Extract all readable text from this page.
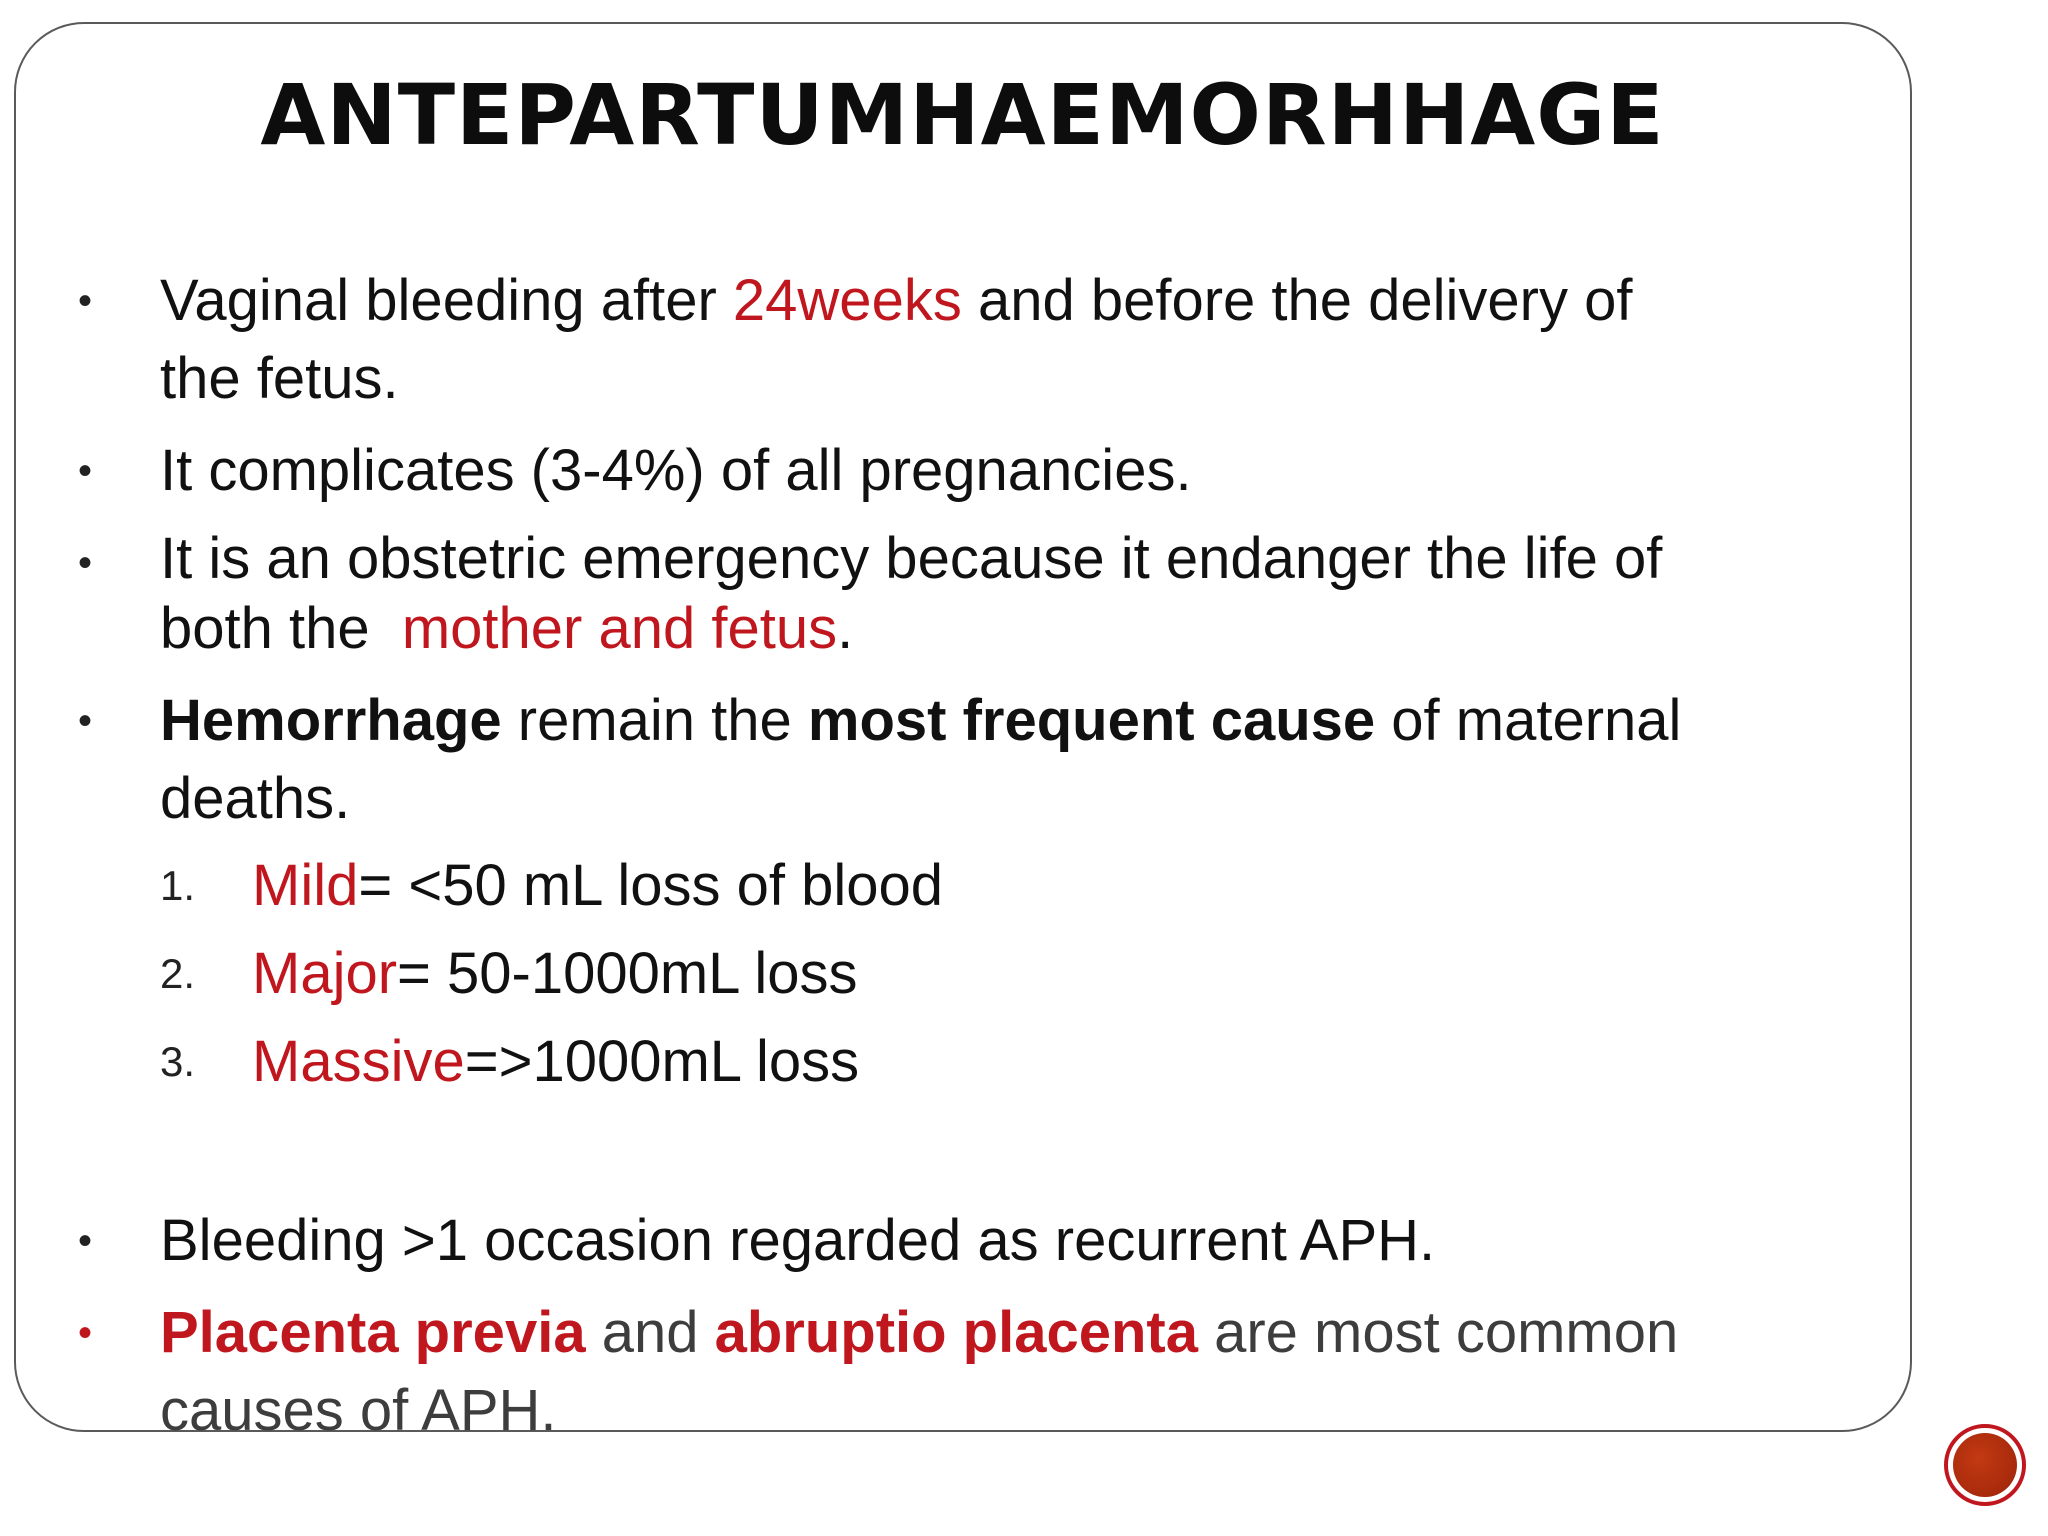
ANTEPARTUMHAEMORHHAGE
• Vaginal bleeding after 24weeks and before the delivery of
the fetus.
• It complicates (3-4%) of all pregnancies.
• It is an obstetric emergency because it endanger the life of
both the  mother and fetus.
• Hemorrhage remain the most frequent cause of maternal
deaths.
1. Mild= <50 mL loss of blood
2. Major= 50-1000mL loss
3. Massive=>1000mL loss
• Bleeding >1 occasion regarded as recurrent APH.
• Placenta previa and abruptio placenta are most common
causes of APH.
